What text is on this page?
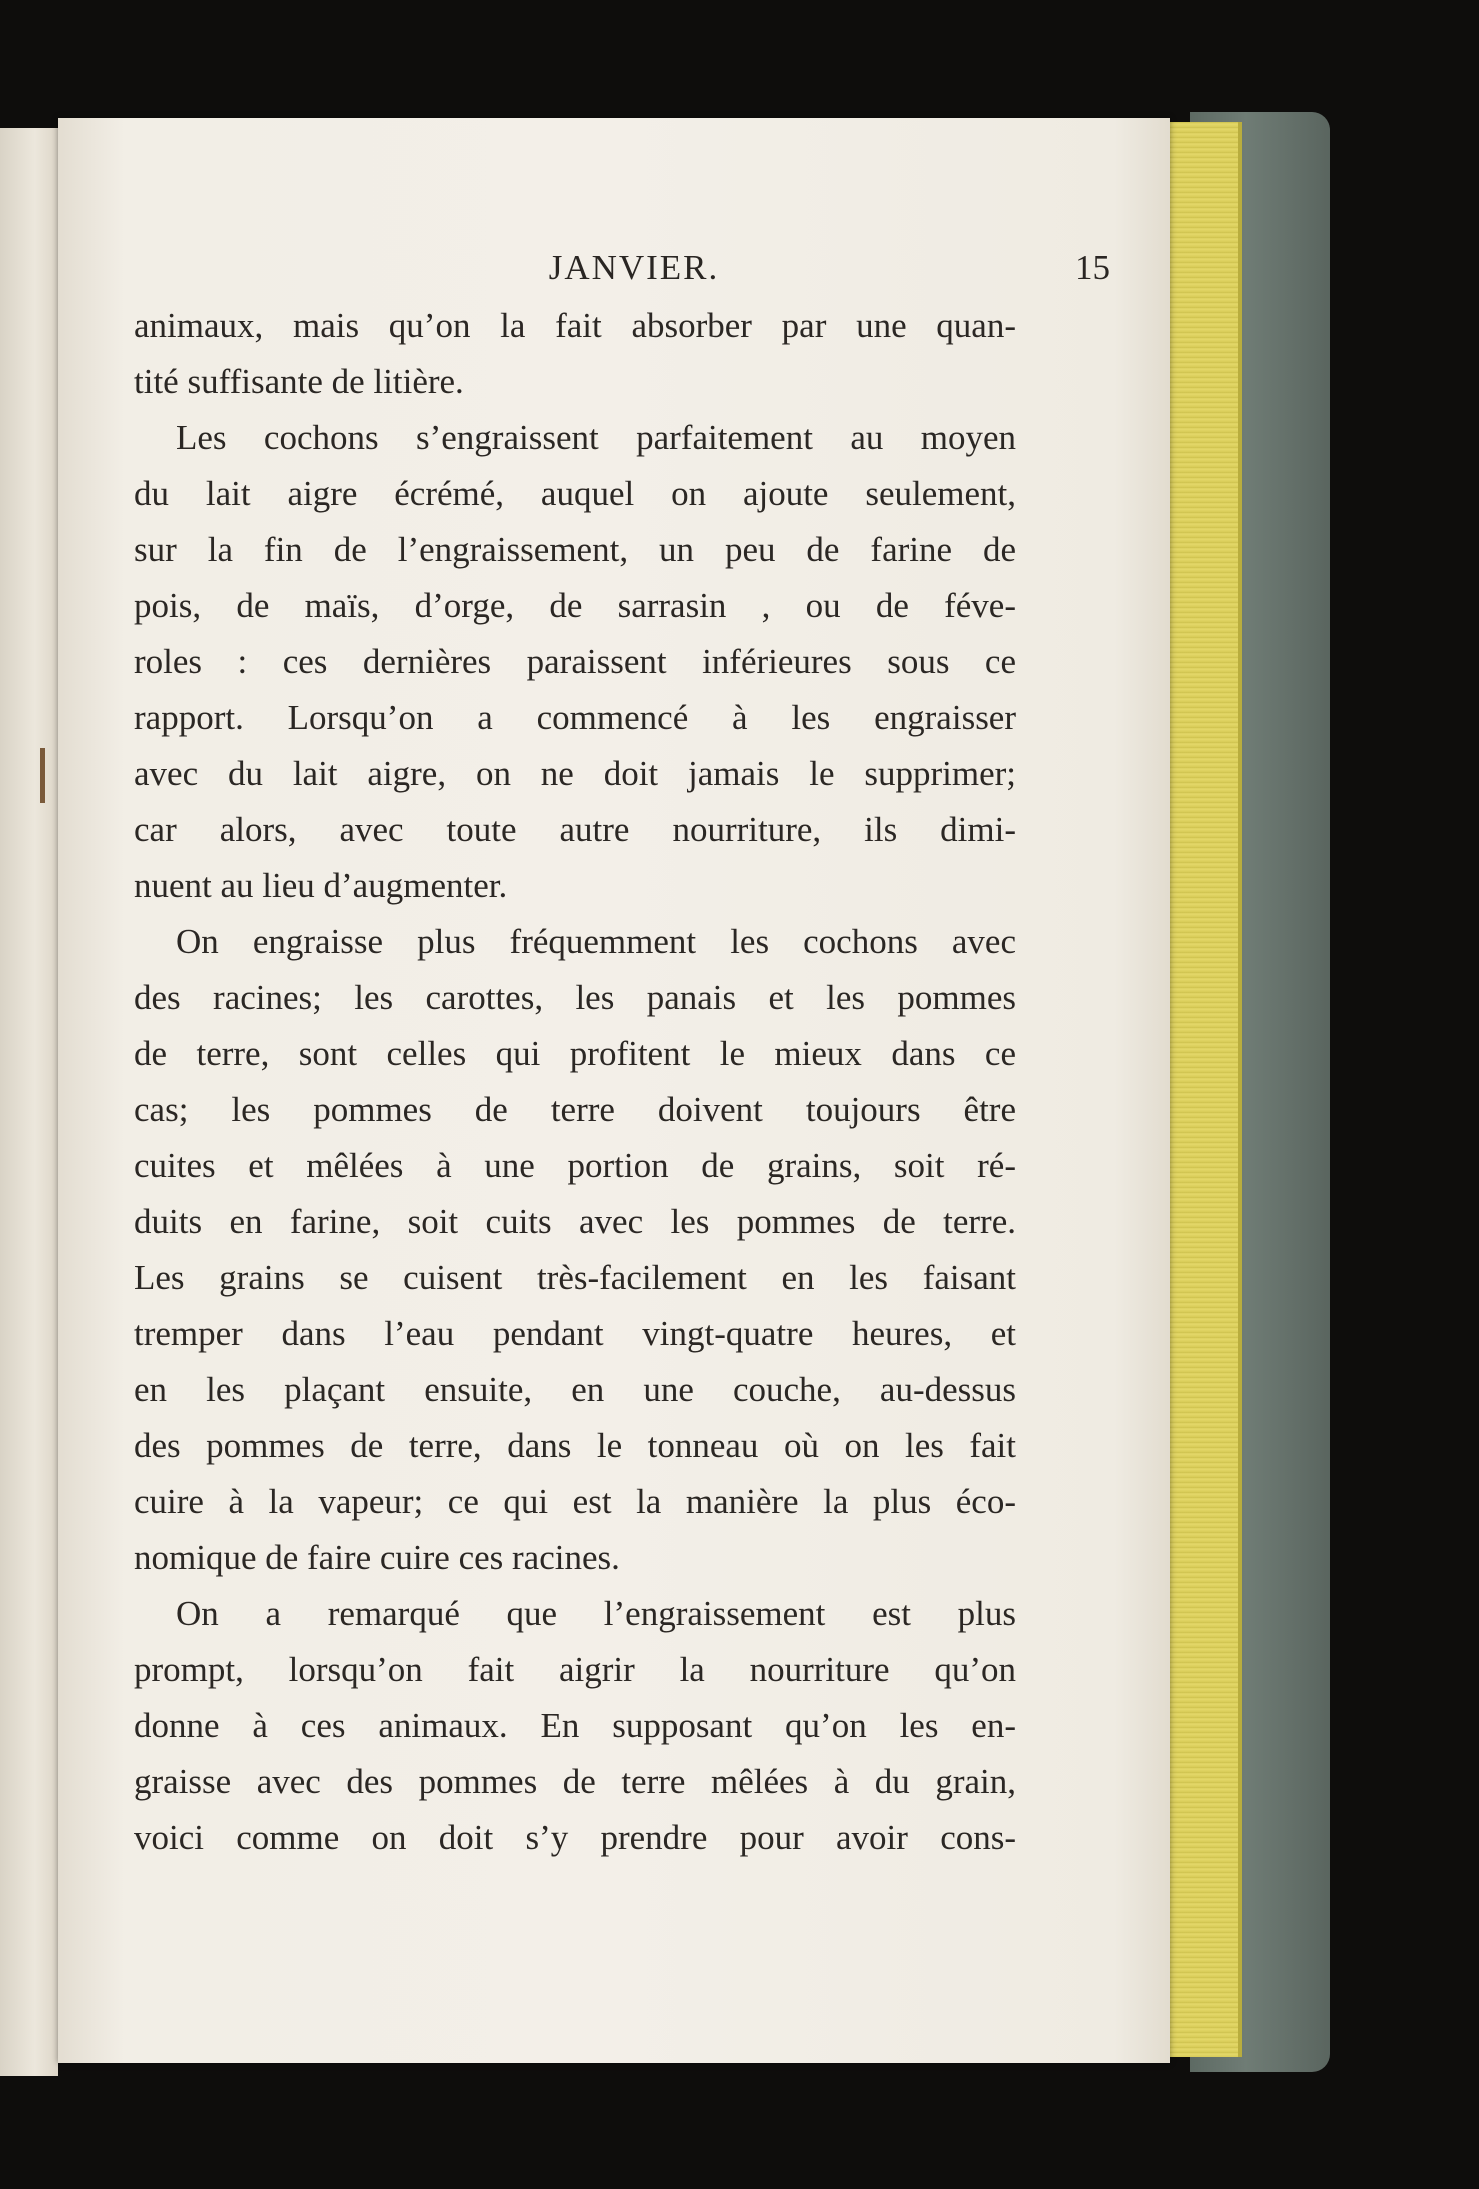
JANVIER.	15
animaux, mais qu’on la fait absorber par une quan-
tité suffisante de litière.
Les cochons s’engraissent parfaitement au moyen
du lait aigre écrémé, auquel on ajoute seulement,
sur la fin de l’engraissement, un peu de farine de
pois, de maïs, d’orge, de sarrasin , ou de féve-
roles : ces dernières paraissent inférieures sous ce
rapport. Lorsqu’on a commencé à les engraisser
avec du lait aigre, on ne doit jamais le supprimer;
car alors, avec toute autre nourriture, ils dimi-
nuent au lieu d’augmenter.
On engraisse plus fréquemment les cochons avec
des racines; les carottes, les panais et les pommes
de terre, sont celles qui profitent le mieux dans ce
cas; les pommes de terre doivent toujours être
cuites et mêlées à une portion de grains, soit ré-
duits en farine, soit cuits avec les pommes de terre.
Les grains se cuisent très-facilement en les faisant
tremper dans l’eau pendant vingt-quatre heures, et
en les plaçant ensuite, en une couche, au-dessus
des pommes de terre, dans le tonneau où on les fait
cuire à la vapeur; ce qui est la manière la plus éco-
nomique de faire cuire ces racines.
On a remarqué que l’engraissement est plus
prompt, lorsqu’on fait aigrir la nourriture qu’on
donne à ces animaux. En supposant qu’on les en-
graisse avec des pommes de terre mêlées à du grain,
voici comme on doit s’y prendre pour avoir cons-
